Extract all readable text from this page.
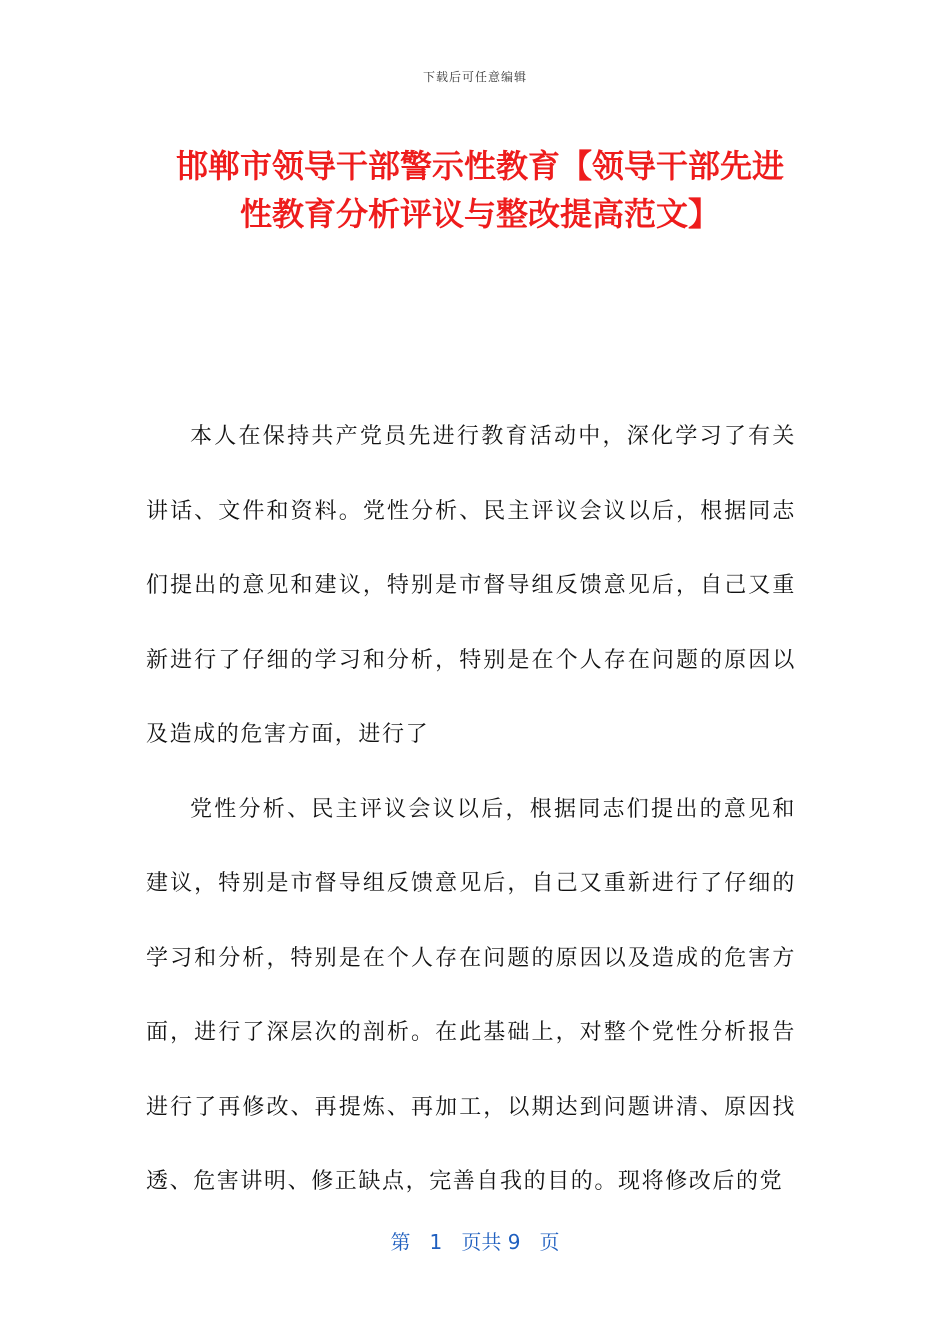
下载后可任意编辑
邯郸市领导干部警示性教育【领导干部先进
性教育分析评议与整改提高范文】

本人在保持共产党员先进行教育活动中，深化学习了有关讲话、文件和资料。党性分析、民主评议会议以后，根据同志们提出的意见和建议，特别是市督导组反馈意见后，自己又重新进行了仔细的学习和分析，特别是在个人存在问题的原因以及造成的危害方面，进行了

党性分析、民主评议会议以后，根据同志们提出的意见和建议，特别是市督导组反馈意见后，自己又重新进行了仔细的学习和分析，特别是在个人存在问题的原因以及造成的危害方面，进行了深层次的剖析。在此基础上，对整个党性分析报告进行了再修改、再提炼、再加工，以期达到问题讲清、原因找透、危害讲明、修正缺点，完善自我的目的。现将修改后的党

第 1 页共 9 页
